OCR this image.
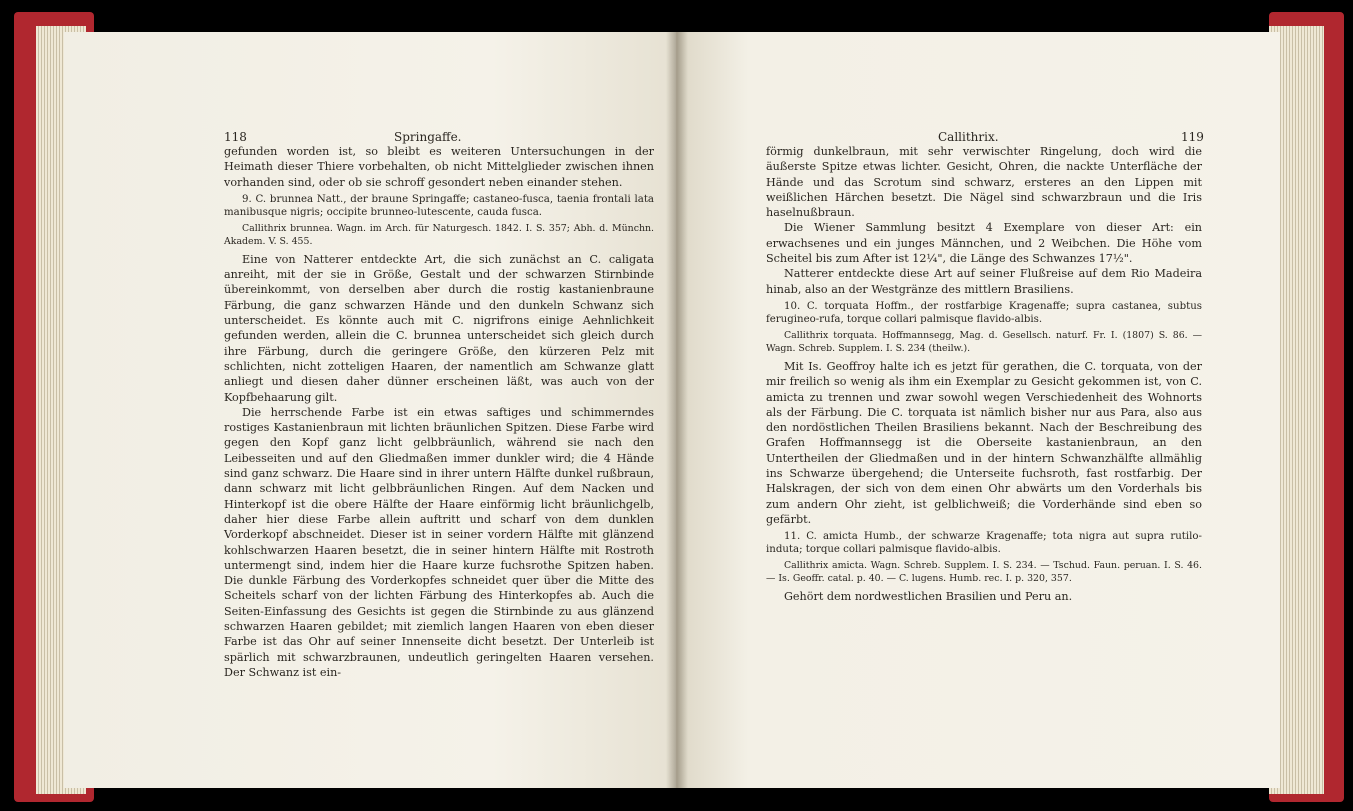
118	Springaffe.

gefunden worden ist, so bleibt es weiteren Untersuchungen in der Heimath dieser Thiere vorbehalten, ob nicht Mittelglieder zwischen ihnen vorhanden sind, oder ob sie schroff gesondert neben einander stehen.

9. C. brunnea Natt., der braune Springaffe; castaneo-fusca, taenia frontali lata manibusque nigris; occipite brunneo-lutescente, cauda fusca.

Callithrix brunnea. Wagn. im Arch. für Naturgesch. 1842. I. S. 357; Abh. d. Münchn. Akadem. V. S. 455.

Eine von Natterer entdeckte Art, die sich zunächst an C. caligata anreiht, mit der sie in Größe, Gestalt und der schwarzen Stirnbinde übereinkommt, von derselben aber durch die rostig kastanienbraune Färbung, die ganz schwarzen Hände und den dunkeln Schwanz sich unterscheidet. Es könnte auch mit C. nigrifrons einige Aehnlichkeit gefunden werden, allein die C. brunnea unterscheidet sich gleich durch ihre Färbung, durch die geringere Größe, den kürzeren Pelz mit schlichten, nicht zotteligen Haaren, der namentlich am Schwanze glatt anliegt und diesen daher dünner erscheinen läßt, was auch von der Kopfbehaarung gilt.

Die herrschende Farbe ist ein etwas saftiges und schimmerndes rostiges Kastanienbraun mit lichten bräunlichen Spitzen. Diese Farbe wird gegen den Kopf ganz licht gelbbräunlich, während sie nach den Leibesseiten und auf den Gliedmaßen immer dunkler wird; die 4 Hände sind ganz schwarz. Die Haare sind in ihrer untern Hälfte dunkel rußbraun, dann schwarz mit licht gelbbräunlichen Ringen. Auf dem Nacken und Hinterkopf ist die obere Hälfte der Haare einförmig licht bräunlichgelb, daher hier diese Farbe allein auftritt und scharf von dem dunklen Vorderkopf abschneidet. Dieser ist in seiner vordern Hälfte mit glänzend kohlschwarzen Haaren besetzt, die in seiner hintern Hälfte mit Rostroth untermengt sind, indem hier die Haare kurze fuchsrothe Spitzen haben. Die dunkle Färbung des Vorderkopfes schneidet quer über die Mitte des Scheitels scharf von der lichten Färbung des Hinterkopfes ab. Auch die Seiten-Einfassung des Gesichts ist gegen die Stirnbinde zu aus glänzend schwarzen Haaren gebildet; mit ziemlich langen Haaren von eben dieser Farbe ist das Ohr auf seiner Innenseite dicht besetzt. Der Unterleib ist spärlich mit schwarzbraunen, undeutlich geringelten Haaren versehen. Der Schwanz ist ein-

Callithrix.	119

förmig dunkelbraun, mit sehr verwischter Ringelung, doch wird die äußerste Spitze etwas lichter. Gesicht, Ohren, die nackte Unterfläche der Hände und das Scrotum sind schwarz, ersteres an den Lippen mit weißlichen Härchen besetzt. Die Nägel sind schwarzbraun und die Iris haselnußbraun.

Die Wiener Sammlung besitzt 4 Exemplare von dieser Art: ein erwachsenes und ein junges Männchen, und 2 Weibchen. Die Höhe vom Scheitel bis zum After ist 12¼", die Länge des Schwanzes 17½".

Natterer entdeckte diese Art auf seiner Flußreise auf dem Rio Madeira hinab, also an der Westgränze des mittlern Brasiliens.

10. C. torquata Hoffm., der rostfarbige Kragenaffe; supra castanea, subtus ferugineo-rufa, torque collari palmisque flavido-albis.

Callithrix torquata. Hoffmannsegg, Mag. d. Gesellsch. naturf. Fr. I. (1807) S. 86. — Wagn. Schreb. Supplem. I. S. 234 (theilw.).

Mit Is. Geoffroy halte ich es jetzt für gerathen, die C. torquata, von der mir freilich so wenig als ihm ein Exemplar zu Gesicht gekommen ist, von C. amicta zu trennen und zwar sowohl wegen Verschiedenheit des Wohnorts als der Färbung. Die C. torquata ist nämlich bisher nur aus Para, also aus den nordöstlichen Theilen Brasiliens bekannt. Nach der Beschreibung des Grafen Hoffmannsegg ist die Oberseite kastanienbraun, an den Untertheilen der Gliedmaßen und in der hintern Schwanzhälfte allmählig ins Schwarze übergehend; die Unterseite fuchsroth, fast rostfarbig. Der Halskragen, der sich von dem einen Ohr abwärts um den Vorderhals bis zum andern Ohr zieht, ist gelblichweiß; die Vorderhände sind eben so gefärbt.

11. C. amicta Humb., der schwarze Kragenaffe; tota nigra aut supra rutilo-induta; torque collari palmisque flavido-albis.

Callithrix amicta. Wagn. Schreb. Supplem. I. S. 234. — Tschud. Faun. peruan. I. S. 46. — Is. Geoffr. catal. p. 40. — C. lugens. Humb. rec. I. p. 320, 357.

Gehört dem nordwestlichen Brasilien und Peru an.
